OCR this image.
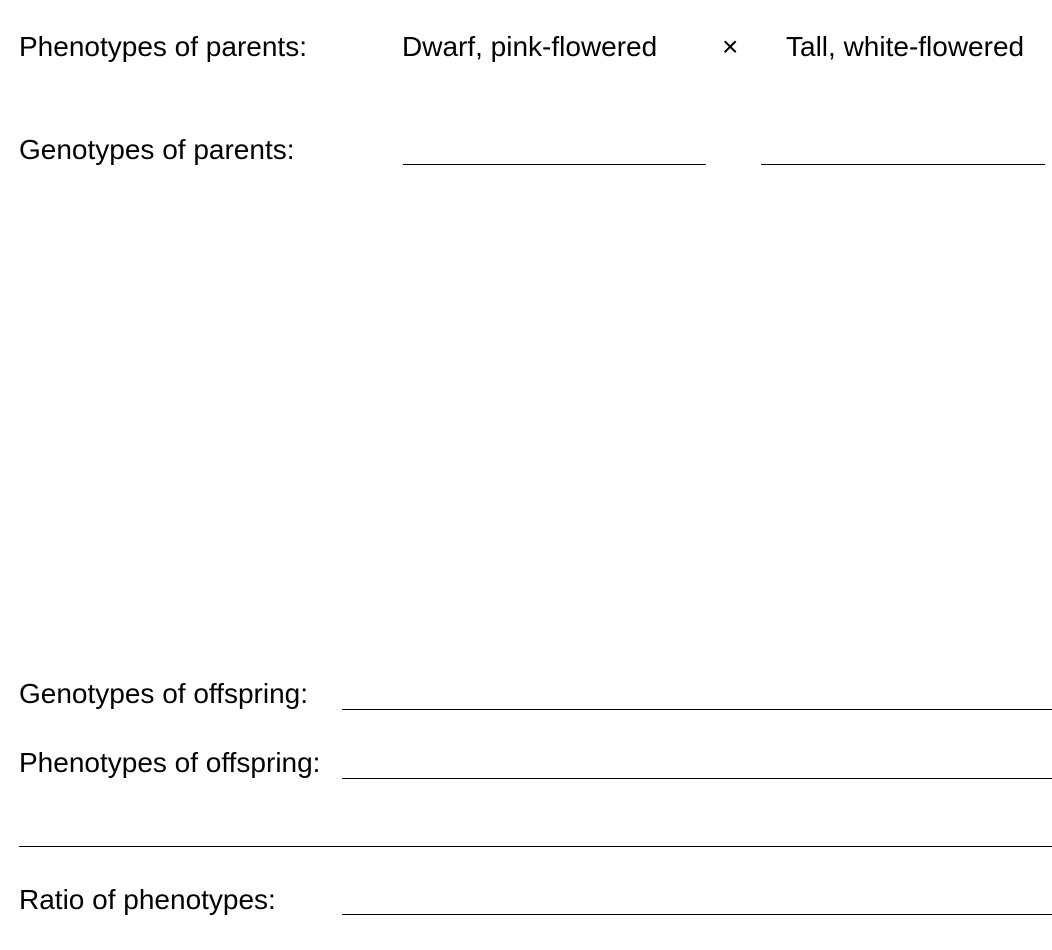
Phenotypes of parents:	Dwarf, pink-flowered × Tall, white-flowered
Genotypes of parents:
Genotypes of offspring:
Phenotypes of offspring:
Ratio of phenotypes:
